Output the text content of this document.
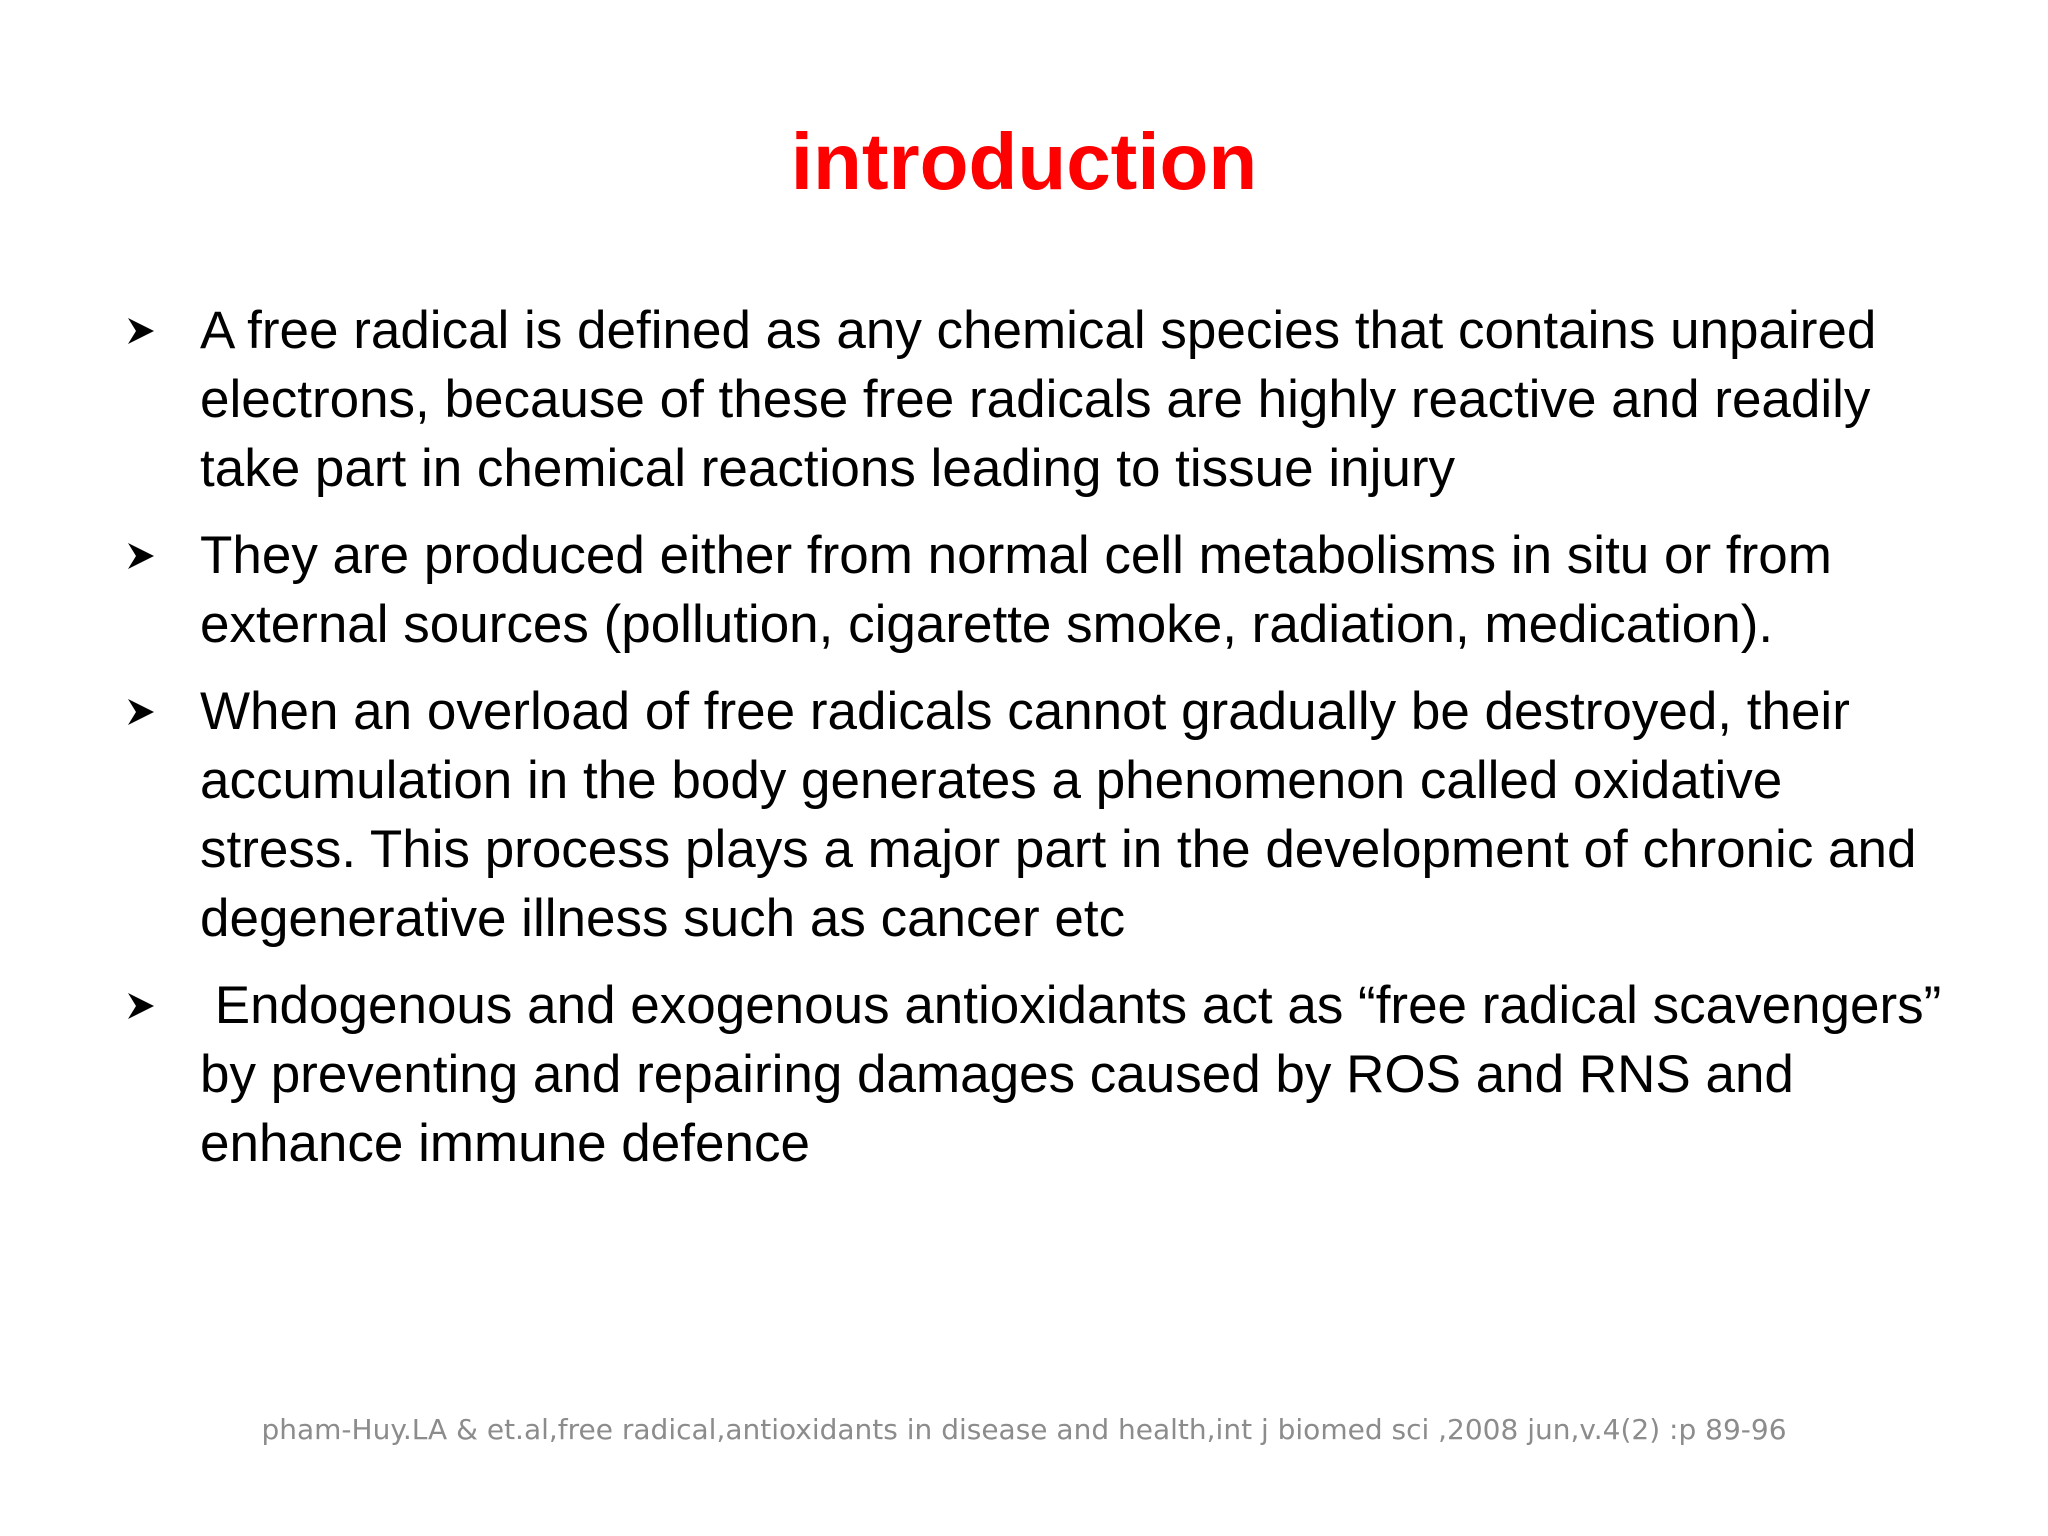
introduction
A free radical is defined as any chemical species that contains unpaired electrons, because of these free radicals are highly reactive and readily take part in chemical reactions leading to tissue injury
They are produced either from normal cell metabolisms in situ or from external sources (pollution, cigarette smoke, radiation, medication).
When an overload of free radicals cannot gradually be destroyed, their accumulation in the body generates a phenomenon called oxidative stress. This process plays a major part in the development of chronic and degenerative illness such as cancer etc
Endogenous and exogenous antioxidants act as “free radical scavengers” by preventing and repairing damages caused by ROS and RNS and enhance immune defence

pham-Huy.LA & et.al,free radical,antioxidants in disease and health,int j biomed sci ,2008 jun,v.4(2) :p 89-96
